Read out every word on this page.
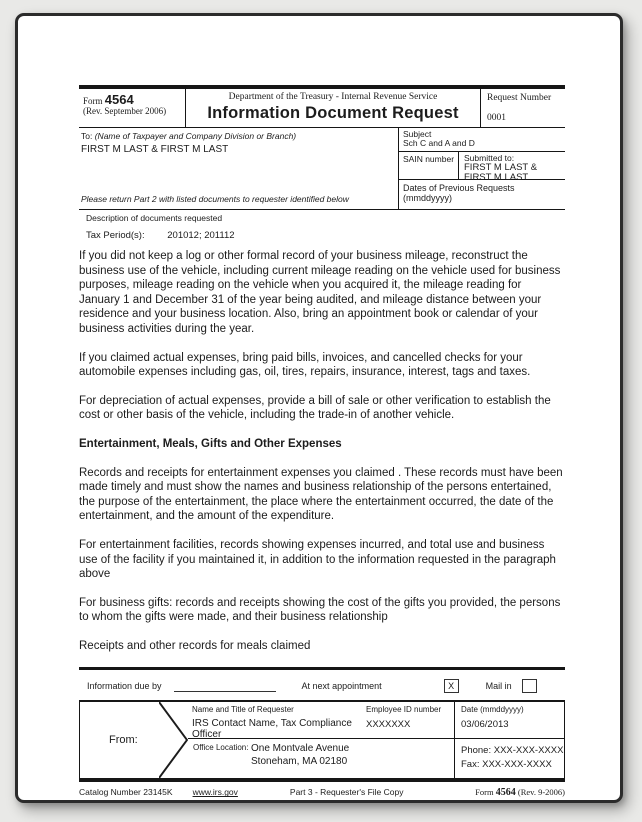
Form 4564
(Rev. September 2006)
Department of the Treasury - Internal Revenue Service
Information Document Request
Request Number
0001
To: (Name of Taxpayer and Company Division or Branch)
FIRST M LAST & FIRST M LAST
Please return Part 2 with listed documents to requester identified below
Subject
Sch C and A and D
SAIN number	Submitted to:
FIRST M LAST &
FIRST M LAST
Dates of Previous Requests (mmddyyyy)
Description of documents requested
Tax Period(s): 201012; 201112

If you did not keep a log or other formal record of your business mileage, reconstruct the business use of the vehicle, including current mileage reading on the vehicle used for business purposes, mileage reading on the vehicle when you acquired it, the mileage reading for January 1 and December 31 of the year being audited, and mileage distance between your residence and your business location. Also, bring an appointment book or calendar of your business activities during the year.

If you claimed actual expenses, bring paid bills, invoices, and cancelled checks for your automobile expenses including gas, oil, tires, repairs, insurance, interest, tags and taxes.

For depreciation of actual expenses, provide a bill of sale or other verification to establish the cost or other basis of the vehicle, including the trade-in of another vehicle.

Entertainment, Meals, Gifts and Other Expenses

Records and receipts for entertainment expenses you claimed . These records must have been made timely and must show the names and business relationship of the persons entertained, the purpose of the entertainment, the place where the entertainment occurred, the date of the entertainment, and the amount of the expenditure.

For entertainment facilities, records showing expenses incurred, and total use and business use of the facility if you maintained it, in addition to the information requested in the paragraph above

For business gifts: records and receipts showing the cost of the gifts you provided, the persons to whom the gifts were made, and their business relationship

Receipts and other records for meals claimed

Information due by	At next appointment	X	Mail in
From:
Name and Title of Requester
IRS Contact Name, Tax Compliance Officer
Employee ID number
XXXXXXX
Date (mmddyyyy)
03/06/2013
Office Location: One Montvale Avenue
Stoneham, MA 02180
Phone: XXX-XXX-XXXX
Fax: XXX-XXX-XXXX
Catalog Number 23145K www.irs.gov	Part 3 - Requester's File Copy	Form 4564 (Rev. 9-2006)
